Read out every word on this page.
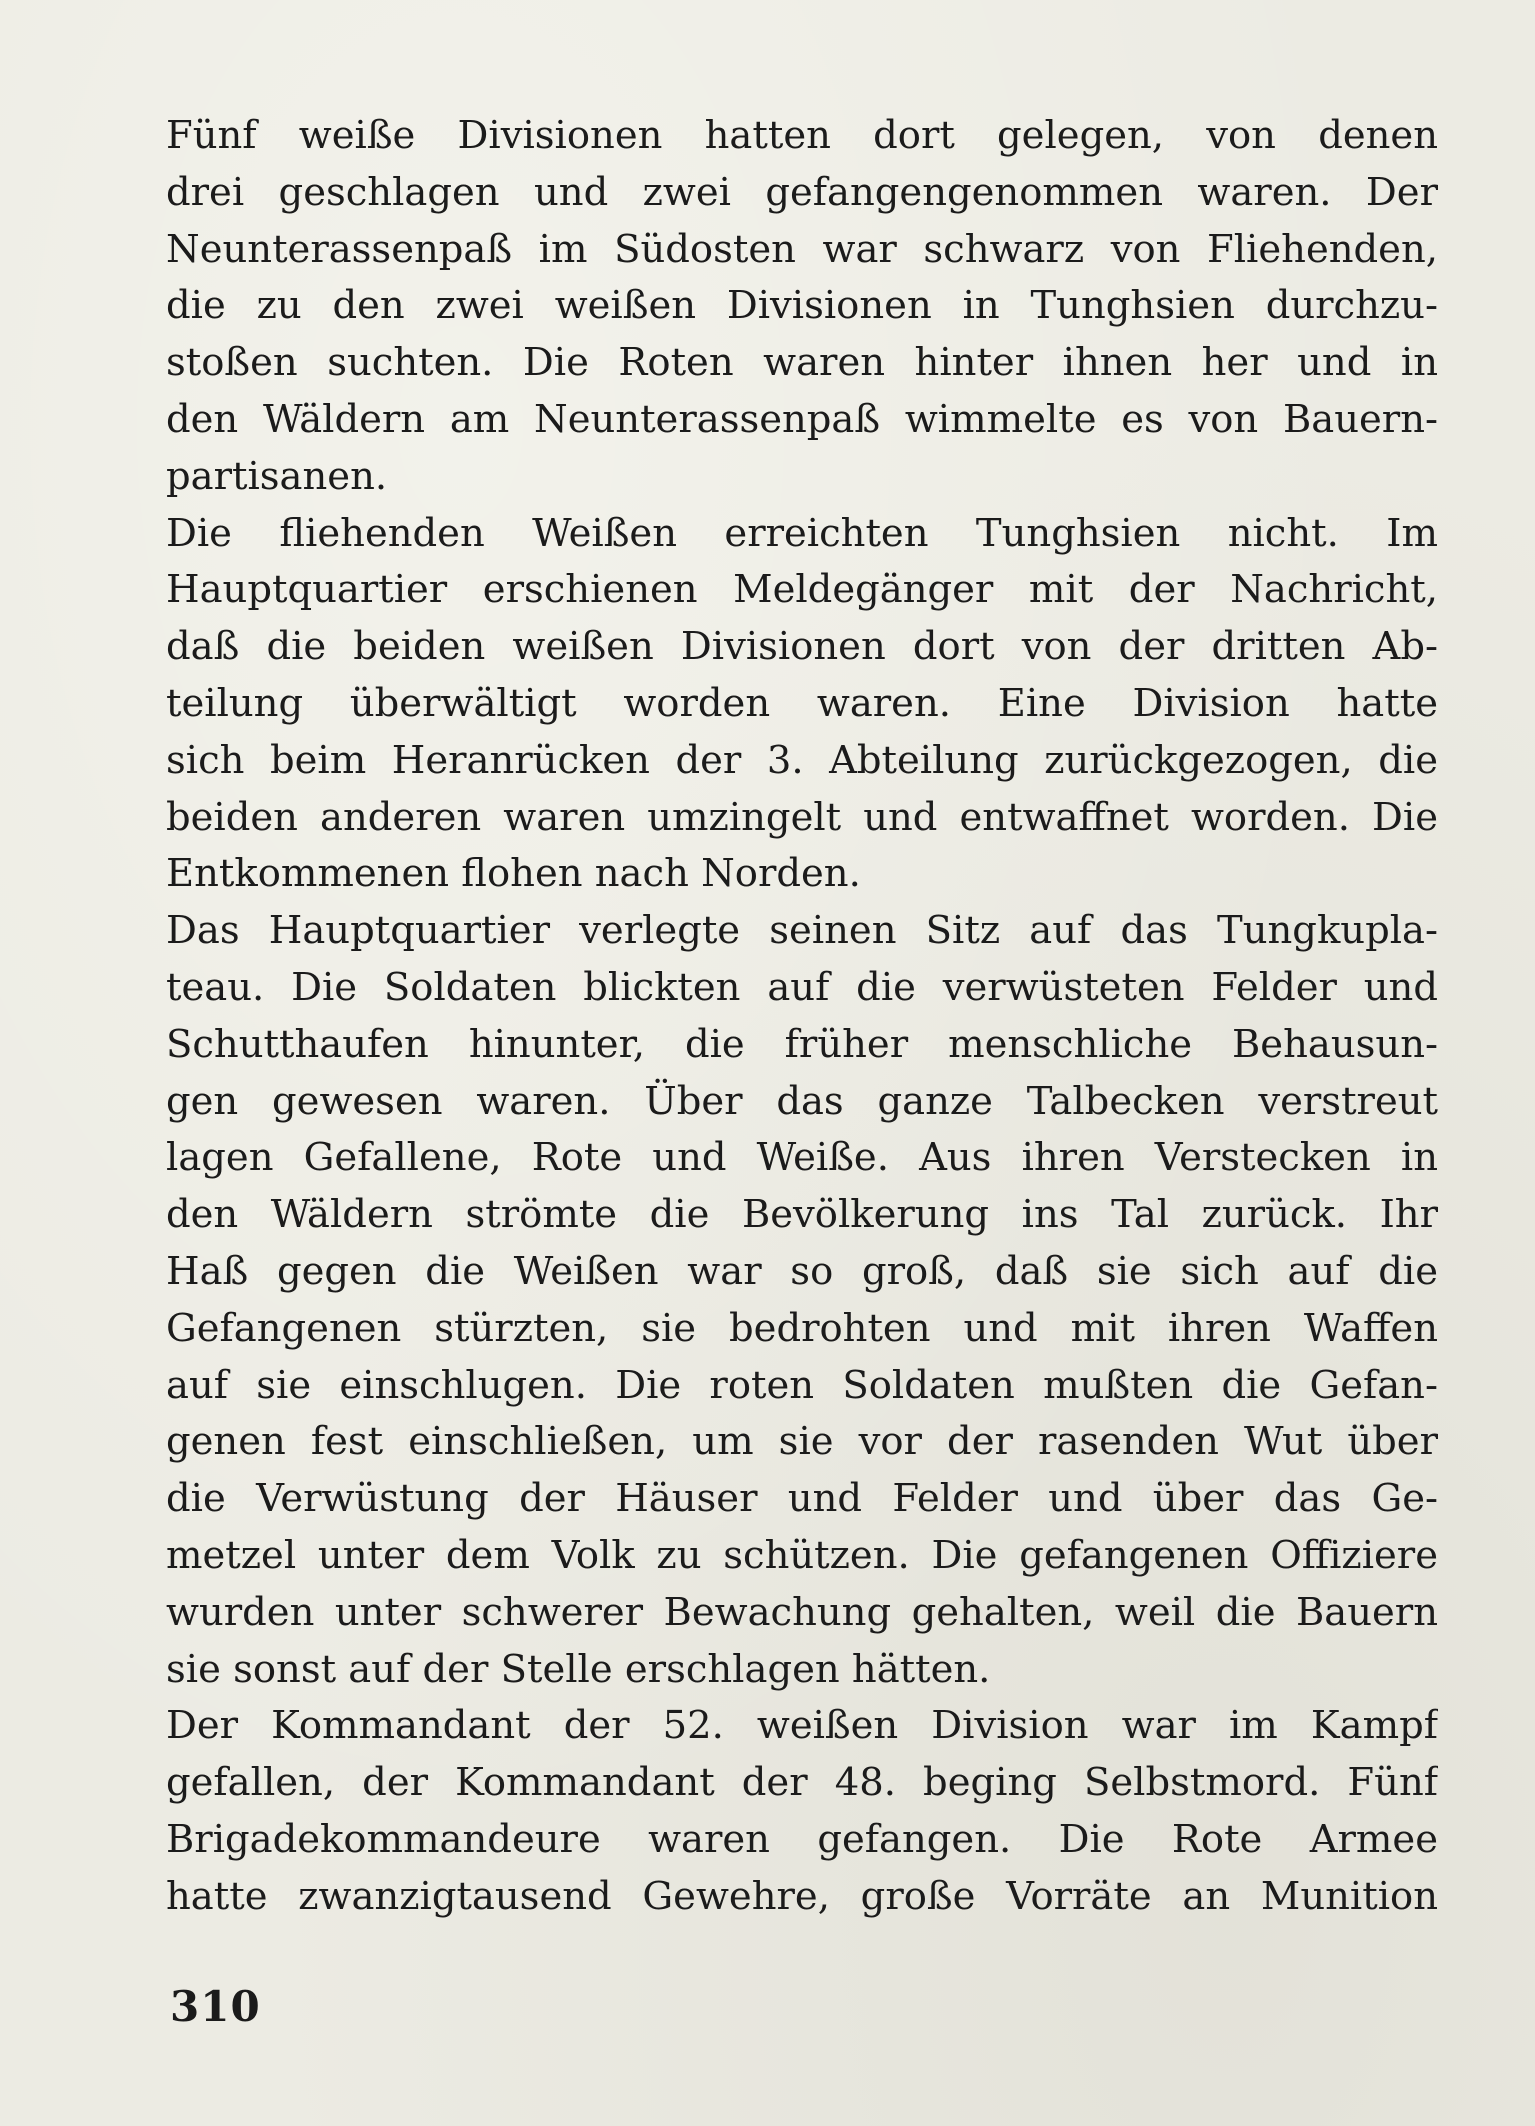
Fünf weiße Divisionen hatten dort gelegen, von denen
drei geschlagen und zwei gefangengenommen waren. Der
Neunterassenpaß im Südosten war schwarz von Fliehenden,
die zu den zwei weißen Divisionen in Tunghsien durchzu-
stoßen suchten. Die Roten waren hinter ihnen her und in
den Wäldern am Neunterassenpaß wimmelte es von Bauern-
partisanen.
Die fliehenden Weißen erreichten Tunghsien nicht. Im
Hauptquartier erschienen Meldegänger mit der Nachricht,
daß die beiden weißen Divisionen dort von der dritten Ab-
teilung überwältigt worden waren. Eine Division hatte
sich beim Heranrücken der 3. Abteilung zurückgezogen, die
beiden anderen waren umzingelt und entwaffnet worden. Die
Entkommenen flohen nach Norden.
Das Hauptquartier verlegte seinen Sitz auf das Tungkupla-
teau. Die Soldaten blickten auf die verwüsteten Felder und
Schutthaufen hinunter, die früher menschliche Behausun-
gen gewesen waren. Über das ganze Talbecken verstreut
lagen Gefallene, Rote und Weiße. Aus ihren Verstecken in
den Wäldern strömte die Bevölkerung ins Tal zurück. Ihr
Haß gegen die Weißen war so groß, daß sie sich auf die
Gefangenen stürzten, sie bedrohten und mit ihren Waffen
auf sie einschlugen. Die roten Soldaten mußten die Gefan-
genen fest einschließen, um sie vor der rasenden Wut über
die Verwüstung der Häuser und Felder und über das Ge-
metzel unter dem Volk zu schützen. Die gefangenen Offiziere
wurden unter schwerer Bewachung gehalten, weil die Bauern
sie sonst auf der Stelle erschlagen hätten.
Der Kommandant der 52. weißen Division war im Kampf
gefallen, der Kommandant der 48. beging Selbstmord. Fünf
Brigadekommandeure waren gefangen. Die Rote Armee
hatte zwanzigtausend Gewehre, große Vorräte an Munition
310
